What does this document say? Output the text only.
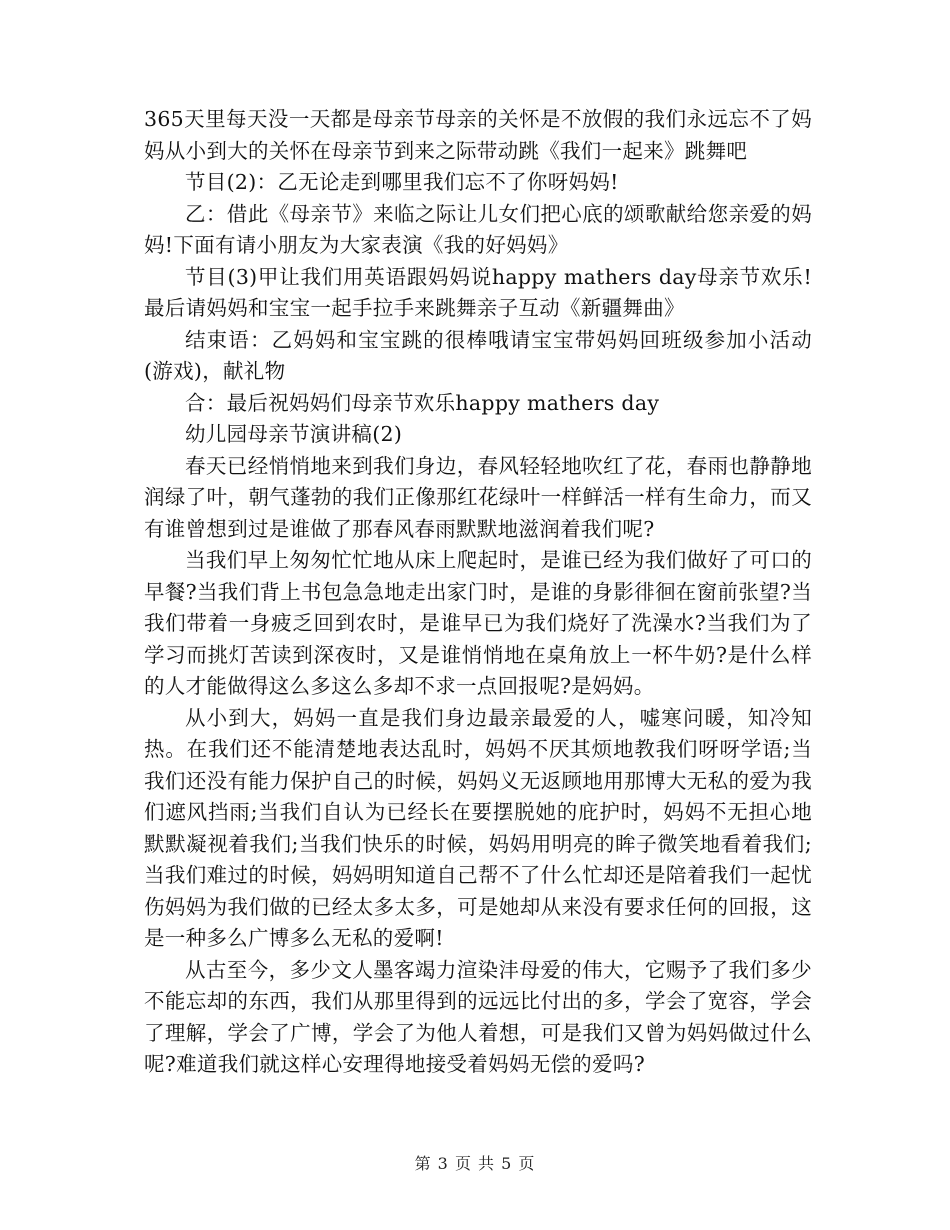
365天里每天没一天都是母亲节母亲的关怀是不放假的我们永远忘不了妈妈从小到大的关怀在母亲节到来之际带动跳《我们一起来》跳舞吧

节目(2)：乙无论走到哪里我们忘不了你呀妈妈!

乙：借此《母亲节》来临之际让儿女们把心底的颂歌献给您亲爱的妈妈!下面有请小朋友为大家表演《我的好妈妈》

节目(3)甲让我们用英语跟妈妈说happy mathers day母亲节欢乐!最后请妈妈和宝宝一起手拉手来跳舞亲子互动《新疆舞曲》

结束语：乙妈妈和宝宝跳的很棒哦请宝宝带妈妈回班级参加小活动(游戏)，献礼物

合：最后祝妈妈们母亲节欢乐happy mathers day

幼儿园母亲节演讲稿(2)

春天已经悄悄地来到我们身边，春风轻轻地吹红了花，春雨也静静地润绿了叶，朝气蓬勃的我们正像那红花绿叶一样鲜活一样有生命力，而又有谁曾想到过是谁做了那春风春雨默默地滋润着我们呢?

当我们早上匆匆忙忙地从床上爬起时，是谁已经为我们做好了可口的早餐?当我们背上书包急急地走出家门时，是谁的身影徘徊在窗前张望?当我们带着一身疲乏回到农时，是谁早已为我们烧好了洗澡水?当我们为了学习而挑灯苦读到深夜时，又是谁悄悄地在桌角放上一杯牛奶?是什么样的人才能做得这么多这么多却不求一点回报呢?是妈妈。

从小到大，妈妈一直是我们身边最亲最爱的人，嘘寒问暖，知冷知热。在我们还不能清楚地表达乱时，妈妈不厌其烦地教我们呀呀学语;当我们还没有能力保护自己的时候，妈妈义无返顾地用那博大无私的爱为我们遮风挡雨;当我们自认为已经长在要摆脱她的庇护时，妈妈不无担心地默默凝视着我们;当我们快乐的时候，妈妈用明亮的眸子微笑地看着我们;当我们难过的时候，妈妈明知道自己帮不了什么忙却还是陪着我们一起忧伤妈妈为我们做的已经太多太多，可是她却从来没有要求任何的回报，这是一种多么广博多么无私的爱啊!

从古至今，多少文人墨客竭力渲染沣母爱的伟大，它赐予了我们多少不能忘却的东西，我们从那里得到的远远比付出的多，学会了宽容，学会了理解，学会了广博，学会了为他人着想，可是我们又曾为妈妈做过什么呢?难道我们就这样心安理得地接受着妈妈无偿的爱吗?

第 3 页 共 5 页
